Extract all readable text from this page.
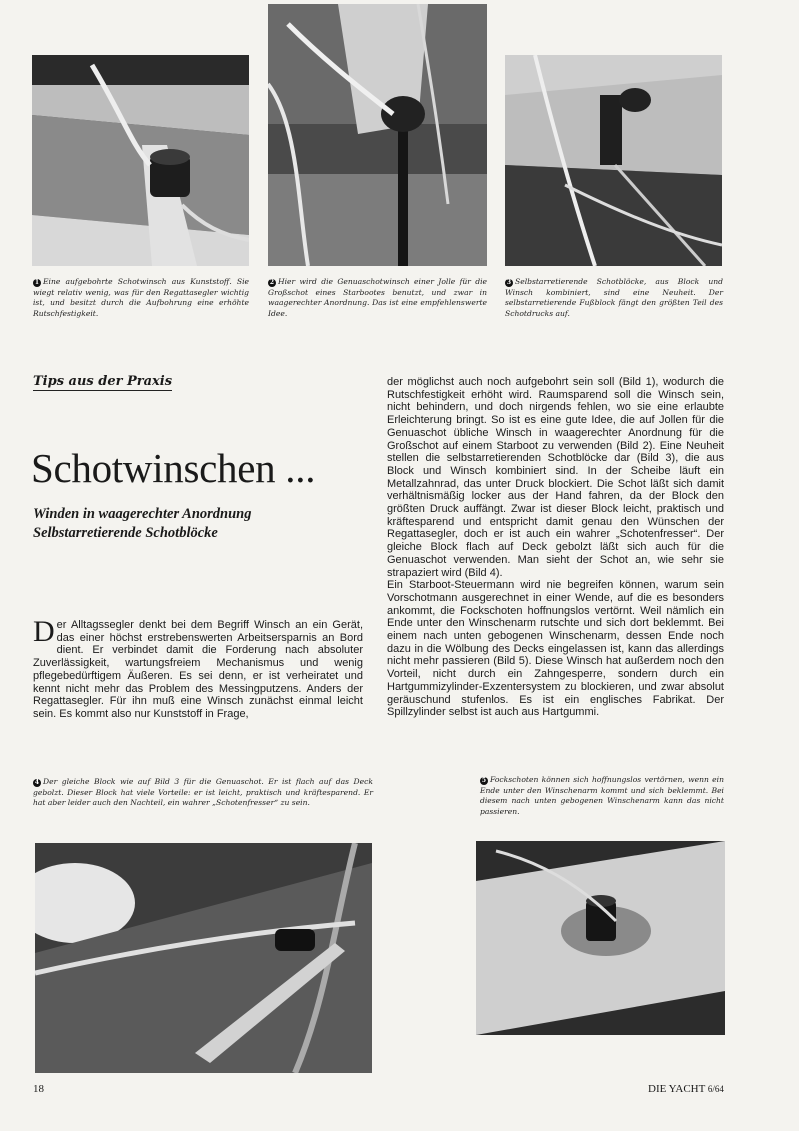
1 Eine aufgebohrte Schotwinsch aus Kunststoff. Sie wiegt relativ wenig, was für den Regattasegler wichtig ist, und besitzt durch die Aufbohrung eine erhöhte Rutschfestigkeit.

2 Hier wird die Genuaschotwinsch einer Jolle für die Großschot eines Starbootes benutzt, und zwar in waagerechter Anordnung. Das ist eine empfehlenswerte Idee.

3 Selbstarretierende Schotblöcke, aus Block und Winsch kombiniert, sind eine Neuheit. Der selbstarretierende Fußblock fängt den größten Teil des Schotdrucks auf.

Tips aus der Praxis
Schotwinschen ...
Winden in waagerechter Anordnung
Selbstarretierende Schotblöcke

Der Alltagssegler denkt bei dem Begriff Winsch an ein Gerät, das einer höchst erstrebenswerten Arbeitsersparnis an Bord dient. Er verbindet damit die Forderung nach absoluter Zuverlässigkeit, wartungsfreiem Mechanismus und wenig pflegebedürftigem Äußeren. Es sei denn, er ist verheiratet und kennt nicht mehr das Problem des Messingputzens. Anders der Regattasegler. Für ihn muß eine Winsch zunächst einmal leicht sein. Es kommt also nur Kunststoff in Frage,

der möglichst auch noch aufgebohrt sein soll (Bild 1), wodurch die Rutschfestigkeit erhöht wird. Raumsparend soll die Winsch sein, nicht behindern, und doch nirgends fehlen, wo sie eine erlaubte Erleichterung bringt. So ist es eine gute Idee, die auf Jollen für die Genuaschot übliche Winsch in waagerechter Anordnung für die Großschot auf einem Starboot zu verwenden (Bild 2). Eine Neuheit stellen die selbstarretierenden Schotblöcke dar (Bild 3), die aus Block und Winsch kombiniert sind. In der Scheibe läuft ein Metallzahnrad, das unter Druck blockiert. Die Schot läßt sich damit verhältnismäßig locker aus der Hand fahren, da der Block den größten Druck auffängt. Zwar ist dieser Block leicht, praktisch und kräftesparend und entspricht damit genau den Wünschen der Regattasegler, doch er ist auch ein wahrer „Schotenfresser“. Der gleiche Block flach auf Deck gebolzt läßt sich auch für die Genuaschot verwenden. Man sieht der Schot an, wie sehr sie strapaziert wird (Bild 4).

Ein Starboot-Steuermann wird nie begreifen können, warum sein Vorschotmann ausgerechnet in einer Wende, auf die es besonders ankommt, die Fockschoten hoffnungslos vertörnt. Weil nämlich ein Ende unter den Winschenarm rutschte und sich dort beklemmt. Bei einem nach unten gebogenen Winschenarm, dessen Ende noch dazu in die Wölbung des Decks eingelassen ist, kann das allerdings nicht mehr passieren (Bild 5). Diese Winsch hat außerdem noch den Vorteil, nicht durch ein Zahngesperre, sondern durch ein Hartgummizylinder-Exzentersystem zu blockieren, und zwar absolut geräuschund stufenlos. Es ist ein englisches Fabrikat. Der Spillzylinder selbst ist auch aus Hartgummi.

4 Der gleiche Block wie auf Bild 3 für die Genuaschot. Er ist flach auf das Deck gebolzt. Dieser Block hat viele Vorteile: er ist leicht, praktisch und kräftesparend. Er hat aber leider auch den Nachteil, ein wahrer „Schotenfresser“ zu sein.

5 Fockschoten können sich hoffnungslos vertörnen, wenn ein Ende unter den Winschenarm kommt und sich beklemmt. Bei diesem nach unten gebogenen Winschenarm kann das nicht passieren.

18	DIE YACHT 6/64
